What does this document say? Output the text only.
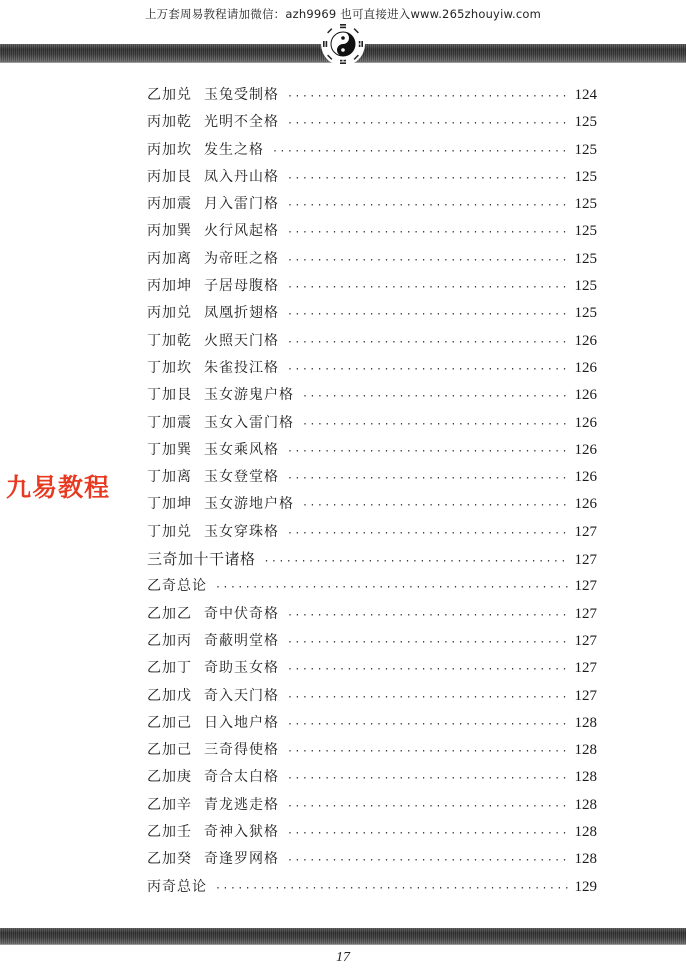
上万套周易教程请加微信：azh9969 也可直接进入www.265zhouyiw.com
九易教程
乙加兑 玉兔受制格 ·····	124
丙加乾 光明不全格 ·····	125
丙加坎 发生之格 ·····	125
丙加艮 凤入丹山格 ·····	125
丙加震 月入雷门格 ·····	125
丙加巽 火行风起格 ·····	125
丙加离 为帝旺之格 ·····	125
丙加坤 子居母腹格 ·····	125
丙加兑 凤凰折翅格 ·····	125
丁加乾 火照天门格 ·····	126
丁加坎 朱雀投江格 ·····	126
丁加艮 玉女游鬼户格 ·····	126
丁加震 玉女入雷门格 ·····	126
丁加巽 玉女乘风格 ·····	126
丁加离 玉女登堂格 ·····	126
丁加坤 玉女游地户格 ·····	126
丁加兑 玉女穿珠格 ·····	127
三奇加十干诸格 ·····	127
乙奇总论 ·····	127
乙加乙 奇中伏奇格 ·····	127
乙加丙 奇蔽明堂格 ·····	127
乙加丁 奇助玉女格 ·····	127
乙加戊 奇入天门格 ·····	127
乙加己 日入地户格 ·····	128
乙加己 三奇得使格 ·····	128
乙加庚 奇合太白格 ·····	128
乙加辛 青龙逃走格 ·····	128
乙加壬 奇神入狱格 ·····	128
乙加癸 奇逢罗网格 ·····	128
丙奇总论 ·····	129
17
